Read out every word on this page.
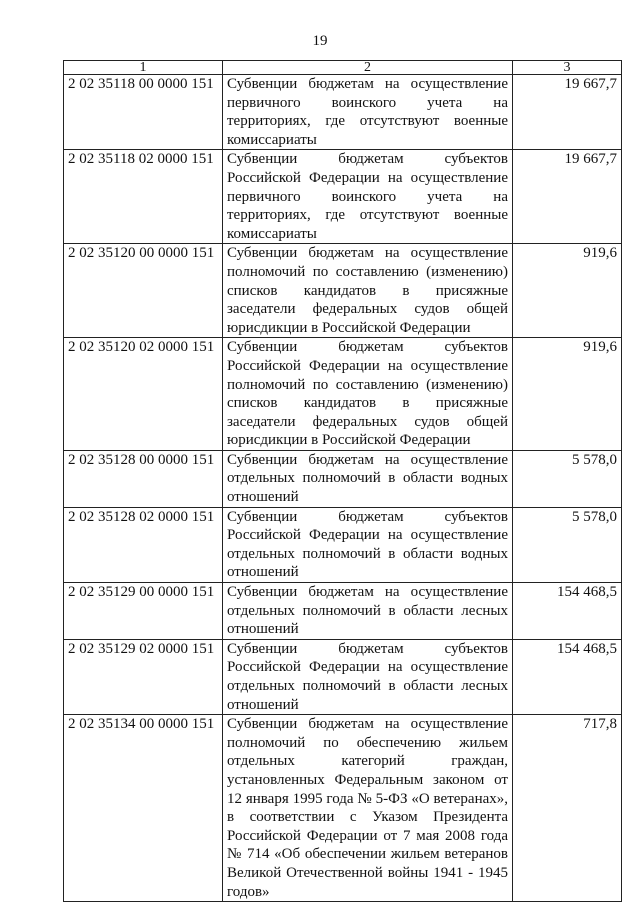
19
1	2	3
2 02 35118 00 0000 151	Субвенции бюджетам на осуществление первичного воинского учета на территориях, где отсутствуют военные комиссариаты	19 667,7
2 02 35118 02 0000 151	Субвенции бюджетам субъектов Российской Федерации на осуществление первичного воинского учета на территориях, где отсутствуют военные комиссариаты	19 667,7
2 02 35120 00 0000 151	Субвенции бюджетам на осуществление полномочий по составлению (изменению) списков кандидатов в присяжные заседатели федеральных судов общей юрисдикции в Российской Федерации	919,6
2 02 35120 02 0000 151	Субвенции бюджетам субъектов Российской Федерации на осуществление полномочий по составлению (изменению) списков кандидатов в присяжные заседатели федеральных судов общей юрисдикции в Российской Федерации	919,6
2 02 35128 00 0000 151	Субвенции бюджетам на осуществление отдельных полномочий в области водных отношений	5 578,0
2 02 35128 02 0000 151	Субвенции бюджетам субъектов Российской Федерации на осуществление отдельных полномочий в области водных отношений	5 578,0
2 02 35129 00 0000 151	Субвенции бюджетам на осуществление отдельных полномочий в области лесных отношений	154 468,5
2 02 35129 02 0000 151	Субвенции бюджетам субъектов Российской Федерации на осуществление отдельных полномочий в области лесных отношений	154 468,5
2 02 35134 00 0000 151	Субвенции бюджетам на осуществление полномочий по обеспечению жильем отдельных категорий граждан, установленных Федеральным законом от 12 января 1995 года № 5-ФЗ «О ветеранах», в соответствии с Указом Президента Российской Федерации от 7 мая 2008 года № 714 «Об обеспечении жильем ветеранов Великой Отечественной войны 1941 - 1945 годов»	717,8
